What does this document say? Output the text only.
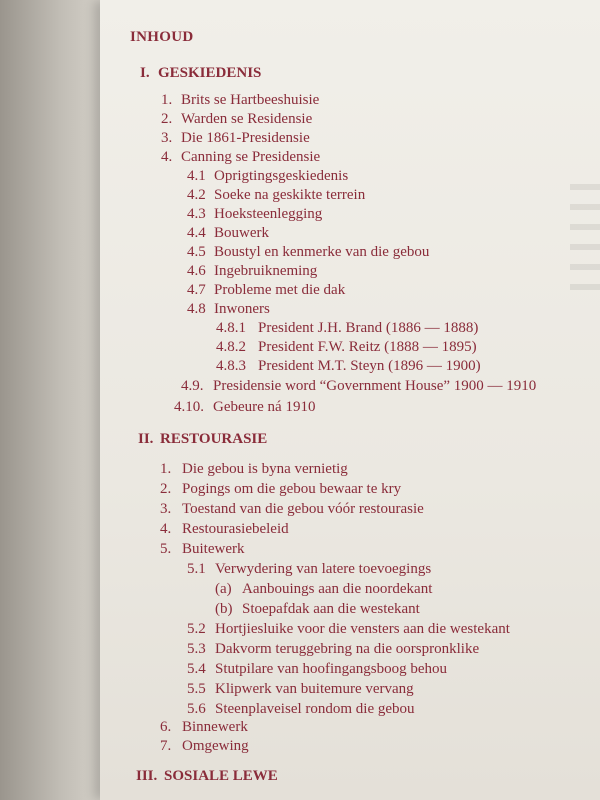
INHOUD
I. GESKIEDENIS
1. Brits se Hartbeeshuisie
2. Warden se Residensie
3. Die 1861-Presidensie
4. Canning se Presidensie
4.1 Oprigtingsgeskiedenis
4.2 Soeke na geskikte terrein
4.3 Hoeksteenlegging
4.4 Bouwerk
4.5 Boustyl en kenmerke van die gebou
4.6 Ingebruikneming
4.7 Probleme met die dak
4.8 Inwoners
4.8.1 President J.H. Brand (1886 — 1888)
4.8.2 President F.W. Reitz (1888 — 1895)
4.8.3 President M.T. Steyn (1896 — 1900)
4.9. Presidensie word “Government House” 1900 — 1910
4.10. Gebeure ná 1910
II. RESTOURASIE
1. Die gebou is byna vernietig
2. Pogings om die gebou bewaar te kry
3. Toestand van die gebou vóór restourasie
4. Restourasiebeleid
5. Buitewerk
5.1 Verwydering van latere toevoegings
(a) Aanbouings aan die noordekant
(b) Stoepafdak aan die westekant
5.2 Hortjiesluike voor die vensters aan die westekant
5.3 Dakvorm teruggebring na die oorspronklike
5.4 Stutpilare van hoofingangsboog behou
5.5 Klipwerk van buitemure vervang
5.6 Steenplaveisel rondom die gebou
6. Binnewerk
7. Omgewing
III. SOSIALE LEWE
